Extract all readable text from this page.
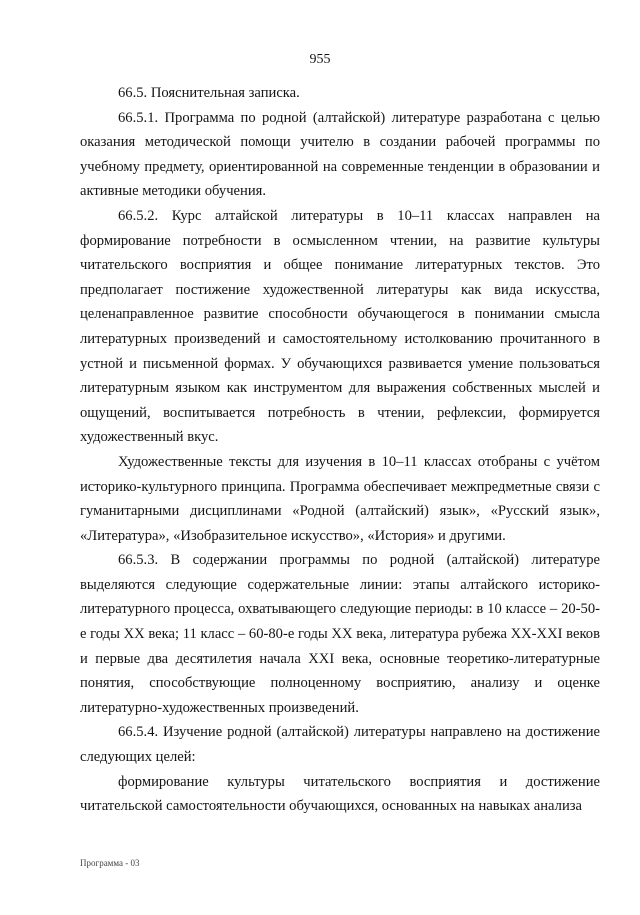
955

66.5. Пояснительная записка.

66.5.1. Программа по родной (алтайской) литературе разработана с целью оказания методической помощи учителю в создании рабочей программы по учебному предмету, ориентированной на современные тенденции в образовании и активные методики обучения.

66.5.2. Курс алтайской литературы в 10–11 классах направлен на формирование потребности в осмысленном чтении, на развитие культуры читательского восприятия и общее понимание литературных текстов. Это предполагает постижение художественной литературы как вида искусства, целенаправленное развитие способности обучающегося в понимании смысла литературных произведений и самостоятельному истолкованию прочитанного в устной и письменной формах. У обучающихся развивается умение пользоваться литературным языком как инструментом для выражения собственных мыслей и ощущений, воспитывается потребность в чтении, рефлексии, формируется художественный вкус.

Художественные тексты для изучения в 10–11 классах отобраны с учётом историко-культурного принципа. Программа обеспечивает межпредметные связи с гуманитарными дисциплинами «Родной (алтайский) язык», «Русский язык», «Литература», «Изобразительное искусство», «История» и другими.

66.5.3. В содержании программы по родной (алтайской) литературе выделяются следующие содержательные линии: этапы алтайского историко-литературного процесса, охватывающего следующие периоды: в 10 классе – 20-50-е годы XX века; 11 класс – 60-80-е годы XX века, литература рубежа XX-XXI веков и первые два десятилетия начала XXI века, основные теоретико-литературные понятия, способствующие полноценному восприятию, анализу и оценке литературно-художественных произведений.

66.5.4. Изучение родной (алтайской) литературы направлено на достижение следующих целей:

формирование культуры читательского восприятия и достижение читательской самостоятельности обучающихся, основанных на навыках анализа

Программа - 03
